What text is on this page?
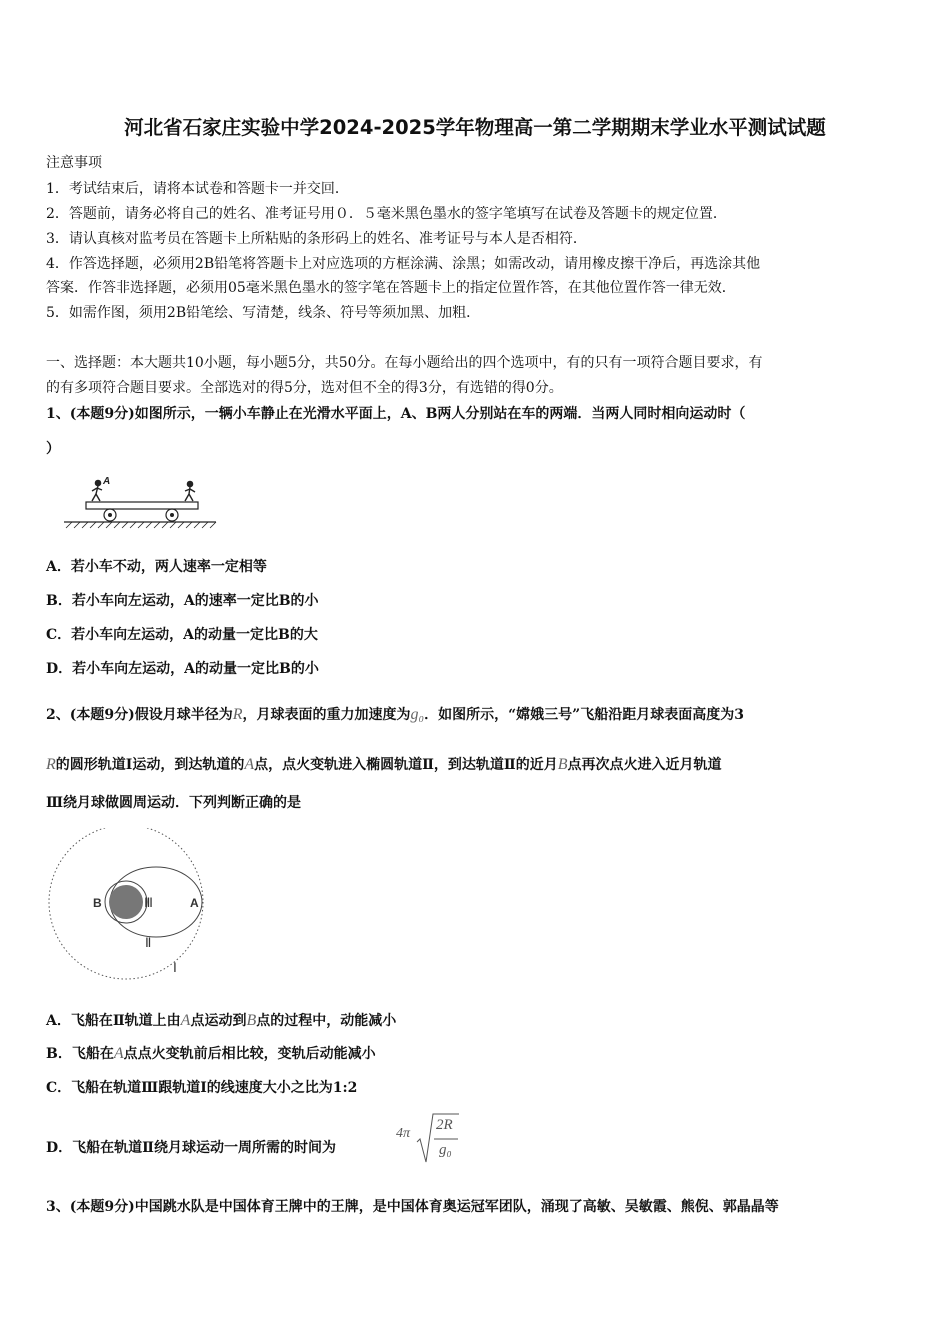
河北省石家庄实验中学2024-2025学年物理高一第二学期期末学业水平测试试题
注意事项
1．考试结束后，请将本试卷和答题卡一并交回．
2．答题前，请务必将自己的姓名、准考证号用０．５毫米黑色墨水的签字笔填写在试卷及答题卡的规定位置．
3．请认真核对监考员在答题卡上所粘贴的条形码上的姓名、准考证号与本人是否相符．
4．作答选择题，必须用2B铅笔将答题卡上对应选项的方框涂满、涂黑；如需改动，请用橡皮擦干净后，再选涂其他
答案．作答非选择题，必须用05毫米黑色墨水的签字笔在答题卡上的指定位置作答，在其他位置作答一律无效．
5．如需作图，须用2B铅笔绘、写清楚，线条、符号等须加黑、加粗．
一、选择题：本大题共10小题，每小题5分，共50分。在每小题给出的四个选项中，有的只有一项符合题目要求，有
的有多项符合题目要求。全部选对的得5分，选对但不全的得3分，有选错的得0分。
1、(本题9分)如图所示，一辆小车静止在光滑水平面上，A、B两人分别站在车的两端．当两人同时相向运动时（
）
A
A．若小车不动，两人速率一定相等
B．若小车向左运动，A的速率一定比B的小
C．若小车向左运动，A的动量一定比B的大
D．若小车向左运动，A的动量一定比B的小
2、(本题9分)假设月球半径为R，月球表面的重力加速度为g₀．如图所示，“嫦娥三号”飞船沿距月球表面高度为3
R的圆形轨道Ⅰ运动，到达轨道的A点，点火变轨进入椭圆轨道Ⅱ，到达轨道Ⅱ的近月B点再次点火进入近月轨道
Ⅲ绕月球做圆周运动．下列判断正确的是
B	Ⅲ	A
Ⅱ
Ⅰ
A．飞船在Ⅱ轨道上由A点运动到B点的过程中，动能减小
B．飞船在A点点火变轨前后相比较，变轨后动能减小
C．飞船在轨道Ⅲ跟轨道Ⅰ的线速度大小之比为1:2
D．飞船在轨道Ⅱ绕月球运动一周所需的时间为
4π
2R
g₀
3、(本题9分)中国跳水队是中国体育王牌中的王牌，是中国体育奥运冠军团队，涌现了高敏、吴敏霞、熊倪、郭晶晶等
